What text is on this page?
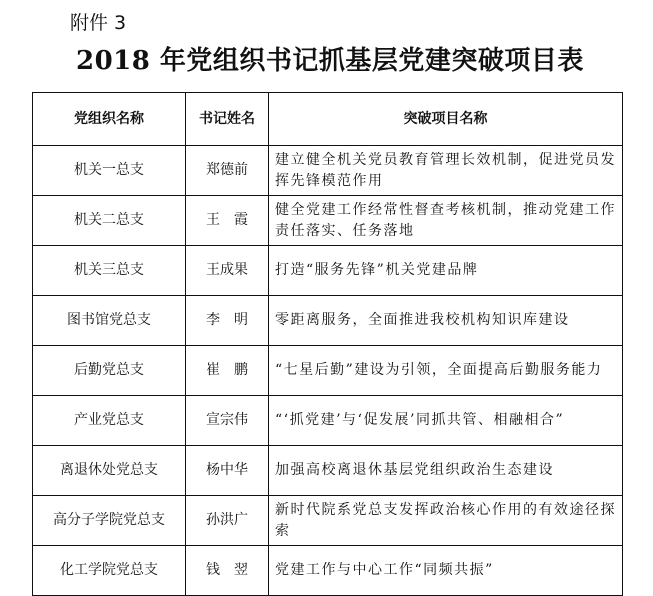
附件 3
2018 年党组织书记抓基层党建突破项目表
党组织名称	书记姓名	突破项目名称
机关一总支	郑德前	建立健全机关党员教育管理长效机制，促进党员发挥先锋模范作用
机关二总支	王　霞	健全党建工作经常性督查考核机制，推动党建工作责任落实、任务落地
机关三总支	王成果	打造“服务先锋”机关党建品牌
图书馆党总支	李　明	零距离服务，全面推进我校机构知识库建设
后勤党总支	崔　鹏	“七星后勤”建设为引领，全面提高后勤服务能力
产业党总支	宣宗伟	“‘抓党建’与‘促发展’同抓共管、相融相合”
离退休处党总支	杨中华	加强高校离退休基层党组织政治生态建设
高分子学院党总支	孙洪广	新时代院系党总支发挥政治核心作用的有效途径探索
化工学院党总支	钱　翌	党建工作与中心工作“同频共振”
